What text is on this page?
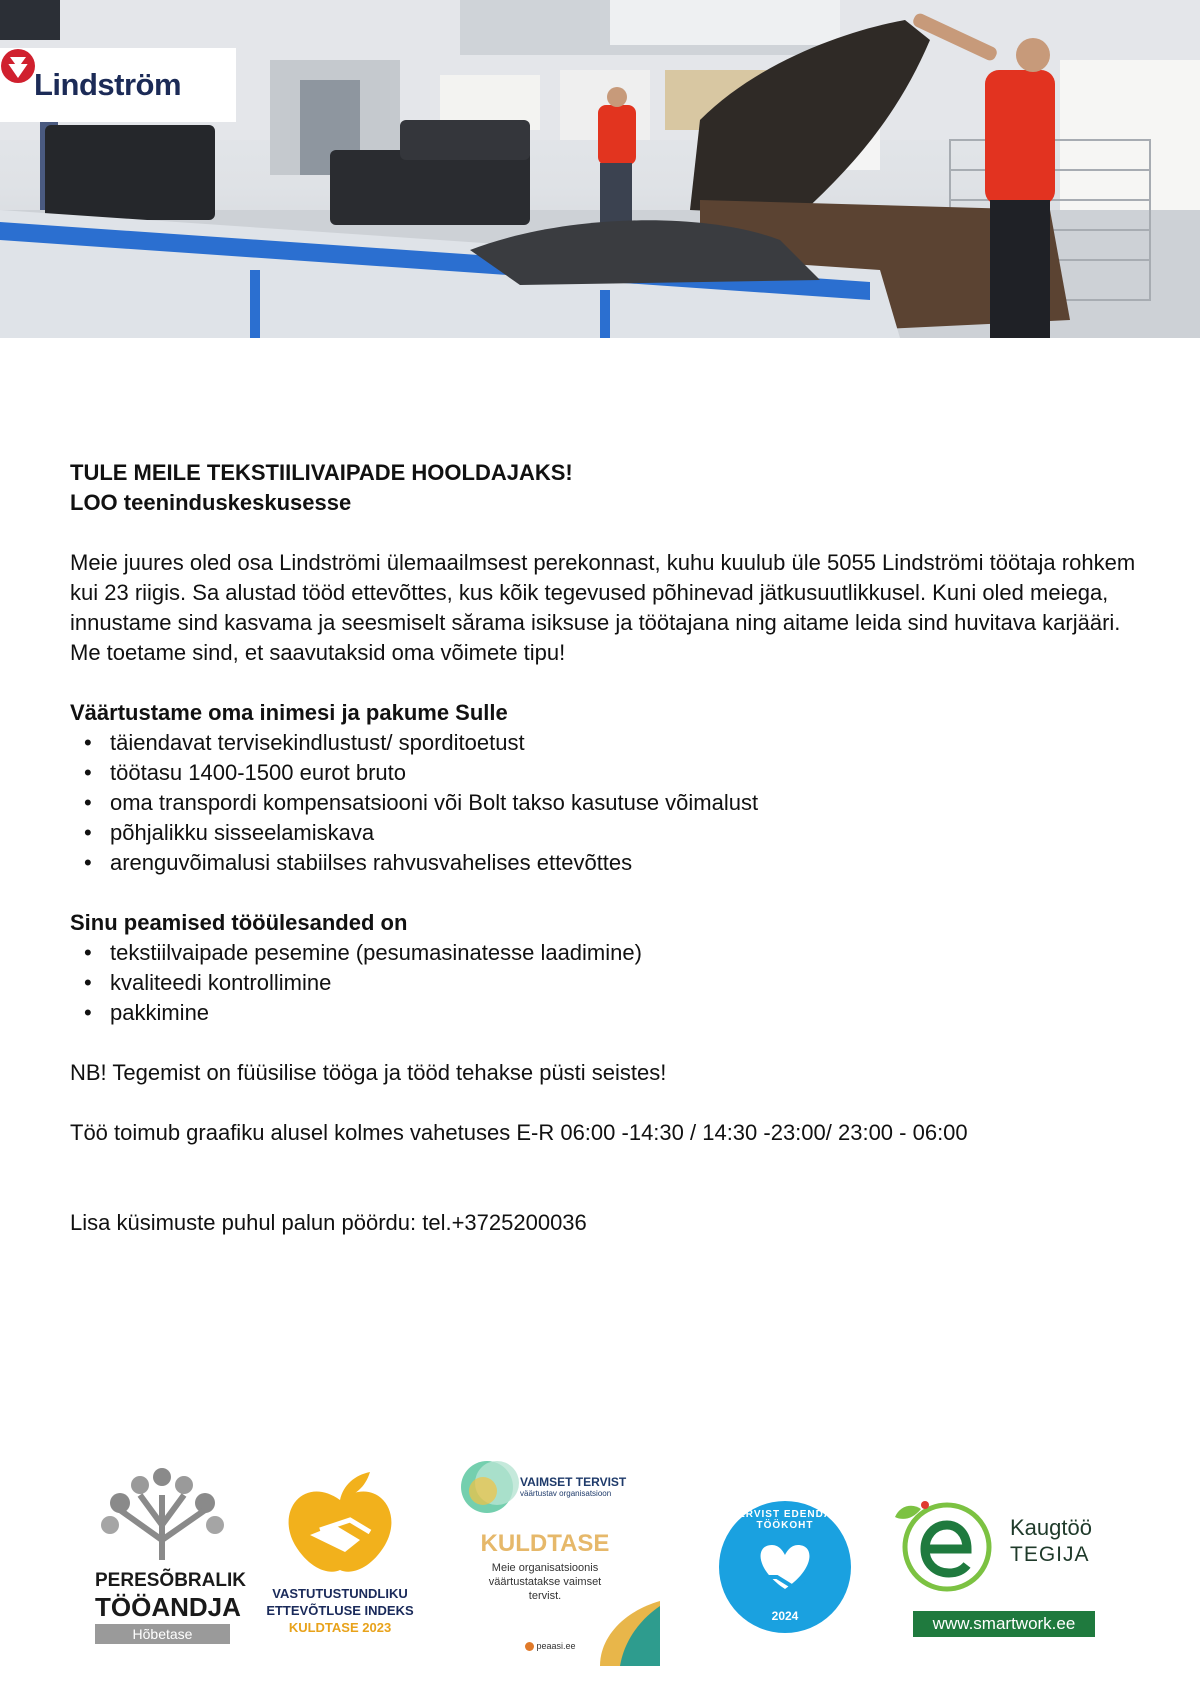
Lindström

TULE MEILE TEKSTIILIVAIPADE HOOLDAJAKS!

LOO teeninduskeskusesse

Meie juures oled osa Lindströmi ülemaailmsest perekonnast, kuhu kuulub üle 5055 Lindströmi töötaja rohkem kui 23 riigis. Sa alustad tööd ettevõttes, kus kõik tegevused põhinevad jätkusuutlikkusel. Kuni oled meiega, innustame sind kasvama ja seesmiselt sărama isiksuse ja töötajana ning aitame leida sind huvitava karjääri. Me toetame sind, et saavutaksid oma võimete tipu!

Väärtustame oma inimesi ja pakume Sulle

• täiendavat tervisekindlustust/ sporditoetust
• töötasu 1400-1500 eurot bruto
• oma transpordi kompensatsiooni või Bolt takso kasutuse võimalust
• põhjalikku sisseelamiskava
• arenguvõimalusi stabiilses rahvusvahelises ettevõttes

Sinu peamised tööülesanded on

• tekstiilvaipade pesemine (pesumasinatesse laadimine)
• kvaliteedi kontrollimine
• pakkimine

NB! Tegemist on füüsilise tööga ja tööd tehakse püsti seistes!

Töö toimub graafiku alusel kolmes vahetuses E-R 06:00 -14:30 / 14:30 -23:00/ 23:00 - 06:00

Lisa küsimuste puhul palun pöördu: tel.+3725200036

PERESÕBRALIK
TÖÖANDJA
Hõbetase
VASTUTUSTUNDLIKU
ETTEVÕTLUSE INDEKS
KULDTASE 2023
VAIMSET TERVIST
väärtustav organisatsioon
KULDTASE
Meie organisatsioonis
väärtustatakse vaimset
tervist.
peaasi.ee
TERVIST EDENDAV TÖÖKOHT
2024
Kaugtöö
TEGIJA
www.smartwork.ee
